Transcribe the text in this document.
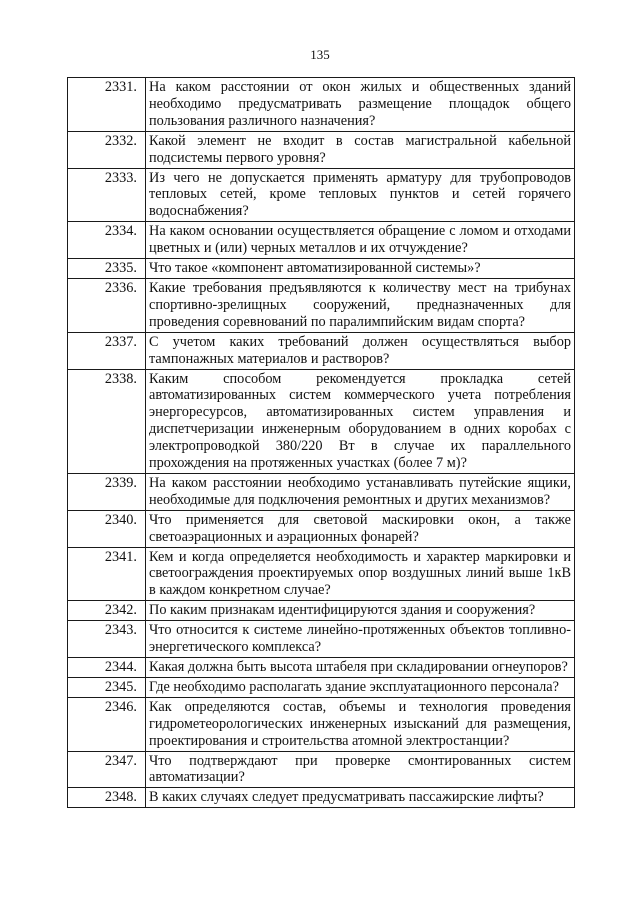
135
2331.	На каком расстоянии от окон жилых и общественных зданий необходимо предусматривать размещение площадок общего пользования различного назначения?
2332.	Какой элемент не входит в состав магистральной кабельной подсистемы первого уровня?
2333.	Из чего не допускается применять арматуру для трубопроводов тепловых сетей, кроме тепловых пунктов и сетей горячего водоснабжения?
2334.	На каком основании осуществляется обращение с ломом и отходами цветных и (или) черных металлов и их отчуждение?
2335.	Что такое «компонент автоматизированной системы»?
2336.	Какие требования предъявляются к количеству мест на трибунах спортивно-зрелищных сооружений, предназначенных для проведения соревнований по паралимпийским видам спорта?
2337.	С учетом каких требований должен осуществляться выбор тампонажных материалов и растворов?
2338.	Каким способом рекомендуется прокладка сетей автоматизированных систем коммерческого учета потребления энергоресурсов, автоматизированных систем управления и диспетчеризации инженерным оборудованием в одних коробах с электропроводкой 380/220 Вт в случае их параллельного прохождения на протяженных участках (более 7 м)?
2339.	На каком расстоянии необходимо устанавливать путейские ящики, необходимые для подключения ремонтных и других механизмов?
2340.	Что применяется для световой маскировки окон, а также светоаэрационных и аэрационных фонарей?
2341.	Кем и когда определяется необходимость и характер маркировки и светоограждения проектируемых опор воздушных линий выше 1кВ в каждом конкретном случае?
2342.	По каким признакам идентифицируются здания и сооружения?
2343.	Что относится к системе линейно-протяженных объектов топливно-энергетического комплекса?
2344.	Какая должна быть высота штабеля при складировании огнеупоров?
2345.	Где необходимо располагать здание эксплуатационного персонала?
2346.	Как определяются состав, объемы и технология проведения гидрометеорологических инженерных изысканий для размещения, проектирования и строительства атомной электростанции?
2347.	Что подтверждают при проверке смонтированных систем автоматизации?
2348.	В каких случаях следует предусматривать пассажирские лифты?
